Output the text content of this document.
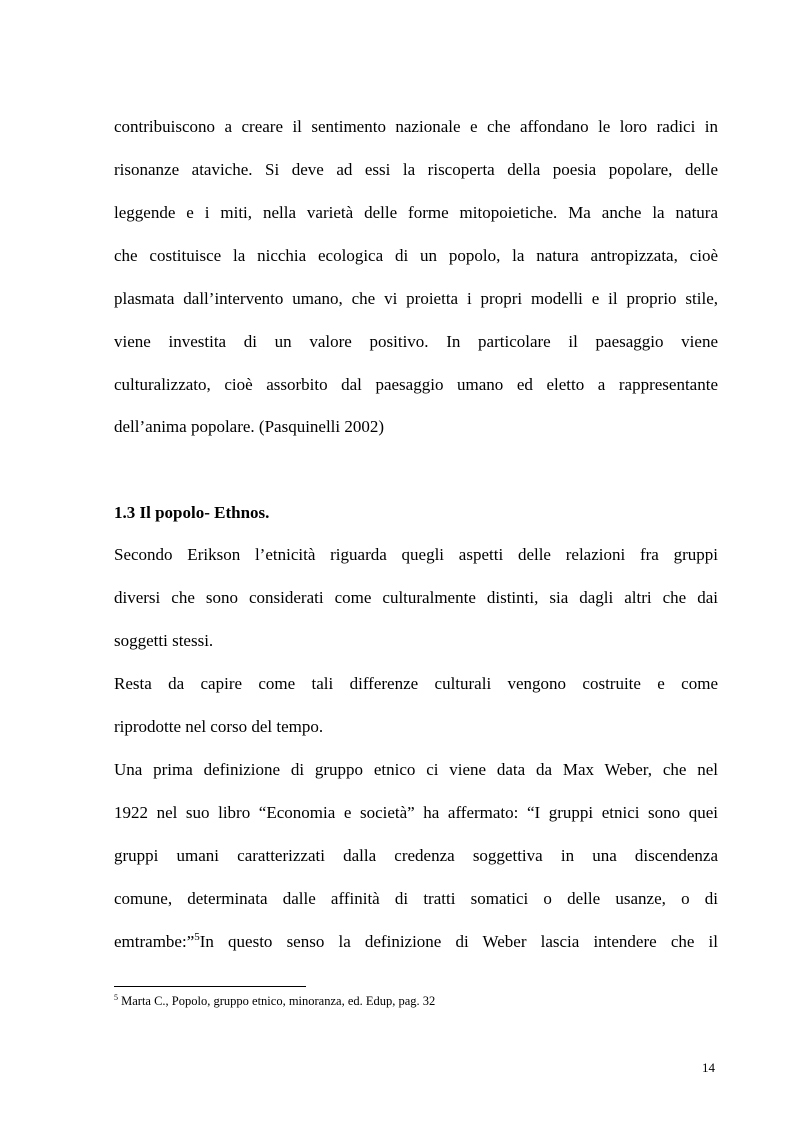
contribuiscono a creare il sentimento nazionale e che affondano le loro radici in
risonanze ataviche. Si deve ad essi la riscoperta della poesia popolare, delle
leggende e i miti, nella varietà delle forme mitopoietiche. Ma anche la natura
che costituisce la nicchia ecologica di un popolo, la natura antropizzata, cioè
plasmata dall’intervento umano, che vi proietta i propri modelli e il proprio stile,
viene investita di un valore positivo. In particolare il paesaggio viene
culturalizzato, cioè assorbito dal paesaggio umano ed eletto a rappresentante
dell’anima popolare. (Pasquinelli 2002)
1.3 Il popolo- Ethnos.
Secondo Erikson l’etnicità riguarda quegli aspetti delle relazioni fra gruppi
diversi che sono considerati come culturalmente distinti, sia dagli altri che dai
soggetti stessi.
Resta da capire come tali differenze culturali vengono costruite e come
riprodotte nel corso del tempo.
Una prima definizione di gruppo etnico ci viene data da Max Weber, che nel
1922 nel suo libro “Economia e società” ha affermato: “I gruppi etnici sono quei
gruppi umani caratterizzati dalla credenza soggettiva in una discendenza
comune, determinata dalle affinità di tratti somatici o delle usanze, o di
emtrambe:”$^5$In questo senso la definizione di Weber lascia intendere che il
$^5$ Marta C., Popolo, gruppo etnico, minoranza, ed. Edup, pag. 32
14
